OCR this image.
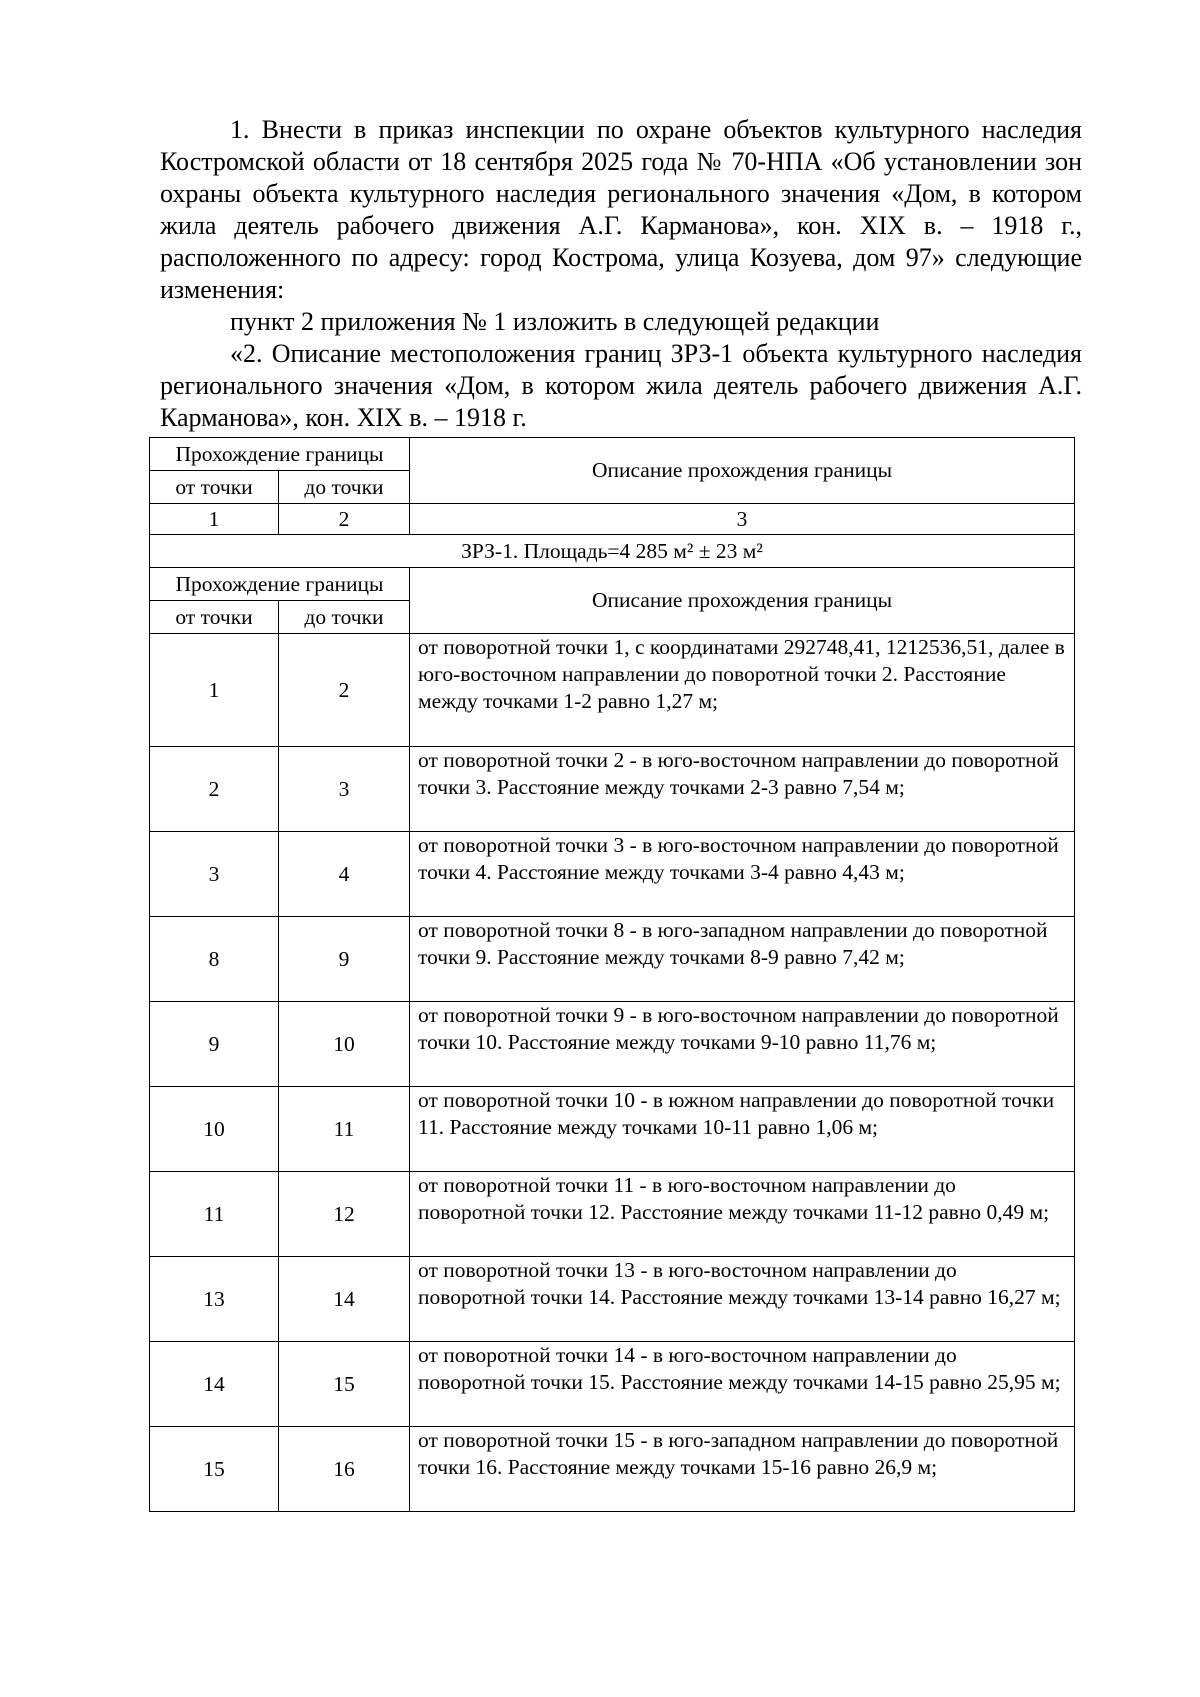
1. Внести в приказ инспекции по охране объектов культурного наследия Костромской области от 18 сентября 2025 года № 70-НПА «Об установлении зон охраны объекта культурного наследия регионального значения «Дом, в котором жила деятель рабочего движения А.Г. Карманова», кон. XIX в. – 1918 г., расположенного по адресу: город Кострома, улица Козуева, дом 97» следующие изменения:

пункт 2 приложения № 1 изложить в следующей редакции

«2. Описание местоположения границ ЗРЗ-1 объекта культурного наследия регионального значения «Дом, в котором жила деятель рабочего движения А.Г. Карманова», кон. XIX в. – 1918 г.

Прохождение границы		Описание прохождения границы
от точки	до точки	
1	2	3
ЗРЗ-1. Площадь=4 285 м² ± 23 м²		
Прохождение границы		Описание прохождения границы
от точки	до точки	
1	2	от поворотной точки 1, с координатами 292748,41, 1212536,51, далее в юго-восточном направлении до поворотной точки 2. Расстояние между точками 1-2 равно 1,27 м;
2	3	от поворотной точки 2 - в юго-восточном направлении до поворотной точки 3. Расстояние между точками 2-3 равно 7,54 м;
3	4	от поворотной точки 3 - в юго-восточном направлении до поворотной точки 4. Расстояние между точками 3-4 равно 4,43 м;
8	9	от поворотной точки 8 - в юго-западном направлении до поворотной точки 9. Расстояние между точками 8-9 равно 7,42 м;
9	10	от поворотной точки 9 - в юго-восточном направлении до поворотной точки 10. Расстояние между точками 9-10 равно 11,76 м;
10	11	от поворотной точки 10 - в южном направлении до поворотной точки 11. Расстояние между точками 10-11 равно 1,06 м;
11	12	от поворотной точки 11 - в юго-восточном направлении до поворотной точки 12. Расстояние между точками 11-12 равно 0,49 м;
13	14	от поворотной точки 13 - в юго-восточном направлении до поворотной точки 14. Расстояние между точками 13-14 равно 16,27 м;
14	15	от поворотной точки 14 - в юго-восточном направлении до поворотной точки 15. Расстояние между точками 14-15 равно 25,95 м;
15	16	от поворотной точки 15 - в юго-западном направлении до поворотной точки 16. Расстояние между точками 15-16 равно 26,9 м;
